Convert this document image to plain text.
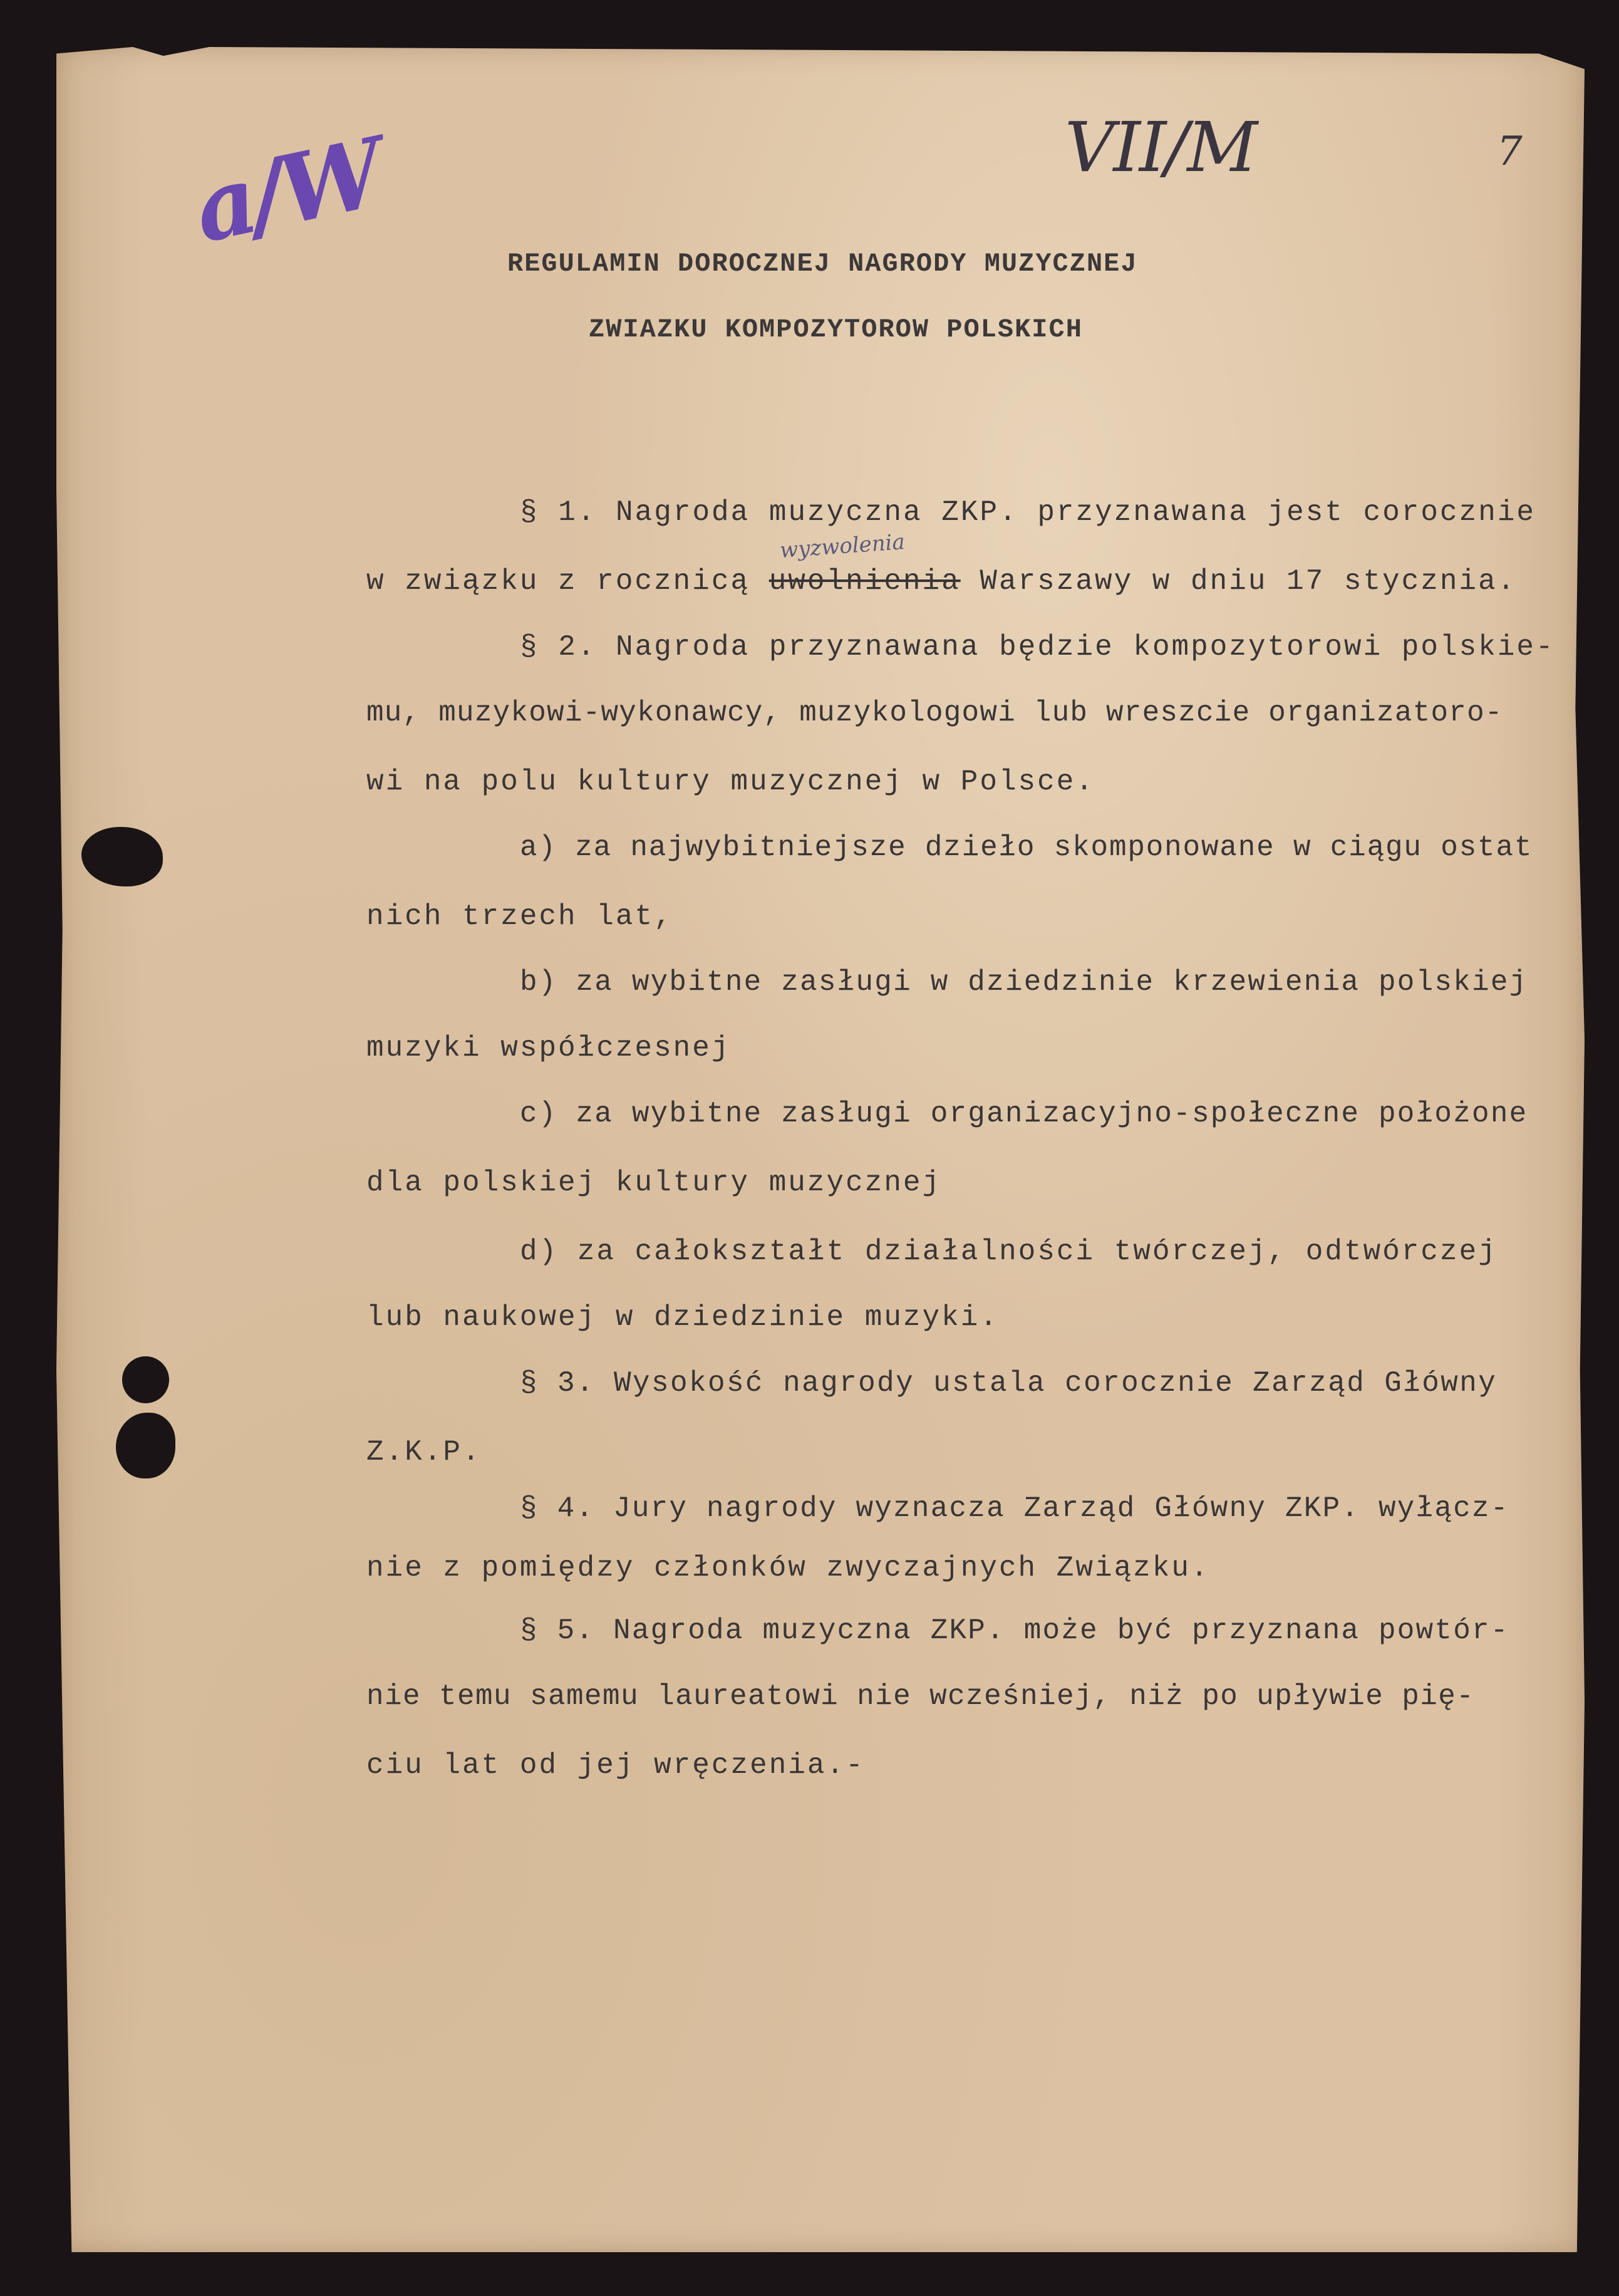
a/W	VII/M	7
REGULAMIN DOROCZNEJ NAGRODY MUZYCZNEJ
ZWIAZKU KOMPOZYTOROW POLSKICH
§ 1. Nagroda muzyczna ZKP. przyznawana jest corocznie
wyzwolenia
w związku z rocznicą uwolnienia Warszawy w dniu 17 stycznia.
§ 2. Nagroda przyznawana będzie kompozytorowi polskie-
mu, muzykowi-wykonawcy, muzykologowi lub wreszcie organizatoro-
wi na polu kultury muzycznej w Polsce.
a) za najwybitniejsze dzieło skomponowane w ciągu ostat
nich trzech lat,
b) za wybitne zasługi w dziedzinie krzewienia polskiej
muzyki współczesnej
c) za wybitne zasługi organizacyjno-społeczne położone
dla polskiej kultury muzycznej
d) za całokształt działalności twórczej, odtwórczej
lub naukowej w dziedzinie muzyki.
§ 3. Wysokość nagrody ustala corocznie Zarząd Główny
Z.K.P.
§ 4. Jury nagrody wyznacza Zarząd Główny ZKP. wyłącz-
nie z pomiędzy członków zwyczajnych Związku.
§ 5. Nagroda muzyczna ZKP. może być przyznana powtór-
nie temu samemu laureatowi nie wcześniej, niż po upływie pię-
ciu lat od jej wręczenia.-
